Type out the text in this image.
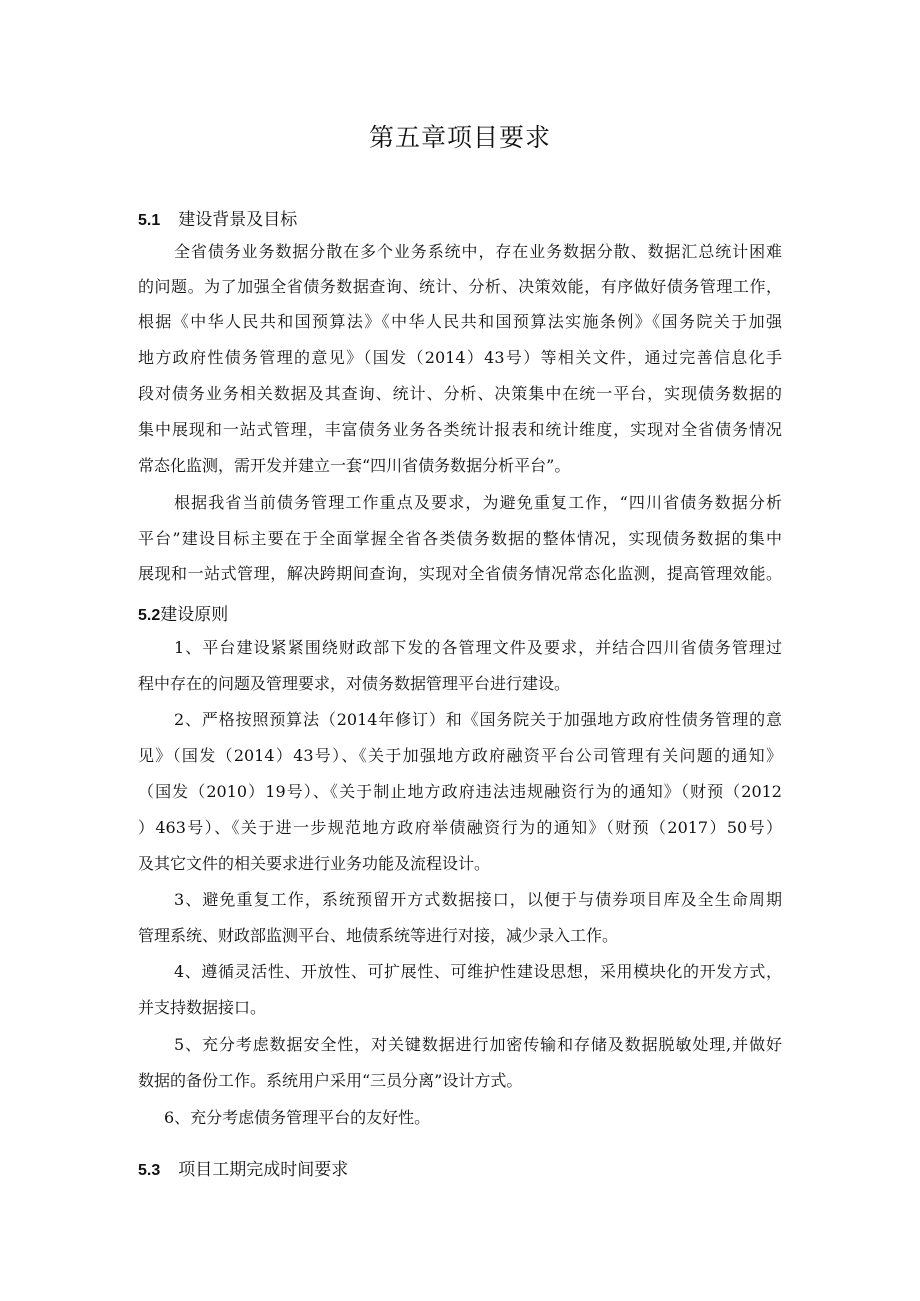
第五章项目要求
5.1 建设背景及目标
全省债务业务数据分散在多个业务系统中，存在业务数据分散、数据汇总统计困难
的问题。为了加强全省债务数据查询、统计、分析、决策效能，有序做好债务管理工作，
根据《中华人民共和国预算法》《中华人民共和国预算法实施条例》《国务院关于加强
地方政府性债务管理的意见》（国发（2014）43号）等相关文件，通过完善信息化手
段对债务业务相关数据及其查询、统计、分析、决策集中在统一平台，实现债务数据的
集中展现和一站式管理，丰富债务业务各类统计报表和统计维度，实现对全省债务情况
常态化监测，需开发并建立一套“四川省债务数据分析平台”。
根据我省当前债务管理工作重点及要求，为避免重复工作，“四川省债务数据分析
平台”建设目标主要在于全面掌握全省各类债务数据的整体情况，实现债务数据的集中
展现和一站式管理，解决跨期间查询，实现对全省债务情况常态化监测，提高管理效能。
5.2建设原则
1、平台建设紧紧围绕财政部下发的各管理文件及要求，并结合四川省债务管理过
程中存在的问题及管理要求，对债务数据管理平台进行建设。
2、严格按照预算法（2014年修订）和《国务院关于加强地方政府性债务管理的意
见》（国发（2014）43号）、《关于加强地方政府融资平台公司管理有关问题的通知》
（国发（2010）19号）、《关于制止地方政府违法违规融资行为的通知》（财预（2012
）463号）、《关于进一步规范地方政府举债融资行为的通知》（财预（2017）50号）
及其它文件的相关要求进行业务功能及流程设计。
3、避免重复工作，系统预留开方式数据接口，以便于与债券项目库及全生命周期
管理系统、财政部监测平台、地债系统等进行对接，减少录入工作。
4、遵循灵活性、开放性、可扩展性、可维护性建设思想，采用模块化的开发方式，
并支持数据接口。
5、充分考虑数据安全性，对关键数据进行加密传输和存储及数据脱敏处理,并做好
数据的备份工作。系统用户采用“三员分离”设计方式。
6、充分考虑债务管理平台的友好性。
5.3 项目工期完成时间要求
